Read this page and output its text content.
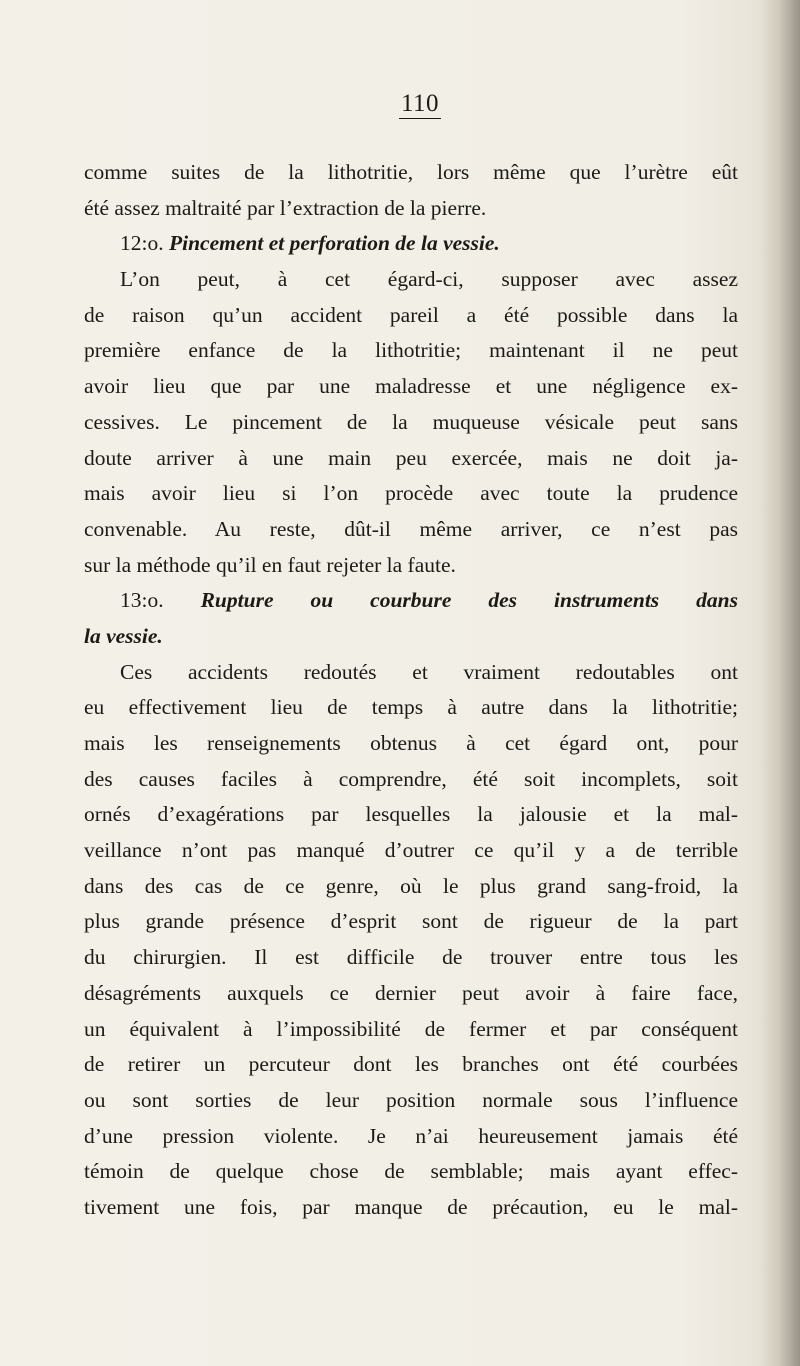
110
comme suites de la lithotritie, lors même que l’urètre eût
été assez maltraité par l’extraction de la pierre.
12:o. Pincement et perforation de la vessie.
L’on peut, à cet égard-ci, supposer avec assez
de raison qu’un accident pareil a été possible dans la
première enfance de la lithotritie; maintenant il ne peut
avoir lieu que par une maladresse et une négligence ex-
cessives. Le pincement de la muqueuse vésicale peut sans
doute arriver à une main peu exercée, mais ne doit ja-
mais avoir lieu si l’on procède avec toute la prudence
convenable. Au reste, dût-il même arriver, ce n’est pas
sur la méthode qu’il en faut rejeter la faute.
13:o. Rupture ou courbure des instruments dans
la vessie.
Ces accidents redoutés et vraiment redoutables ont
eu effectivement lieu de temps à autre dans la lithotritie;
mais les renseignements obtenus à cet égard ont, pour
des causes faciles à comprendre, été soit incomplets, soit
ornés d’exagérations par lesquelles la jalousie et la mal-
veillance n’ont pas manqué d’outrer ce qu’il y a de terrible
dans des cas de ce genre, où le plus grand sang-froid, la
plus grande présence d’esprit sont de rigueur de la part
du chirurgien. Il est difficile de trouver entre tous les
désagréments auxquels ce dernier peut avoir à faire face,
un équivalent à l’impossibilité de fermer et par conséquent
de retirer un percuteur dont les branches ont été courbées
ou sont sorties de leur position normale sous l’influence
d’une pression violente. Je n’ai heureusement jamais été
témoin de quelque chose de semblable; mais ayant effec-
tivement une fois, par manque de précaution, eu le mal-
